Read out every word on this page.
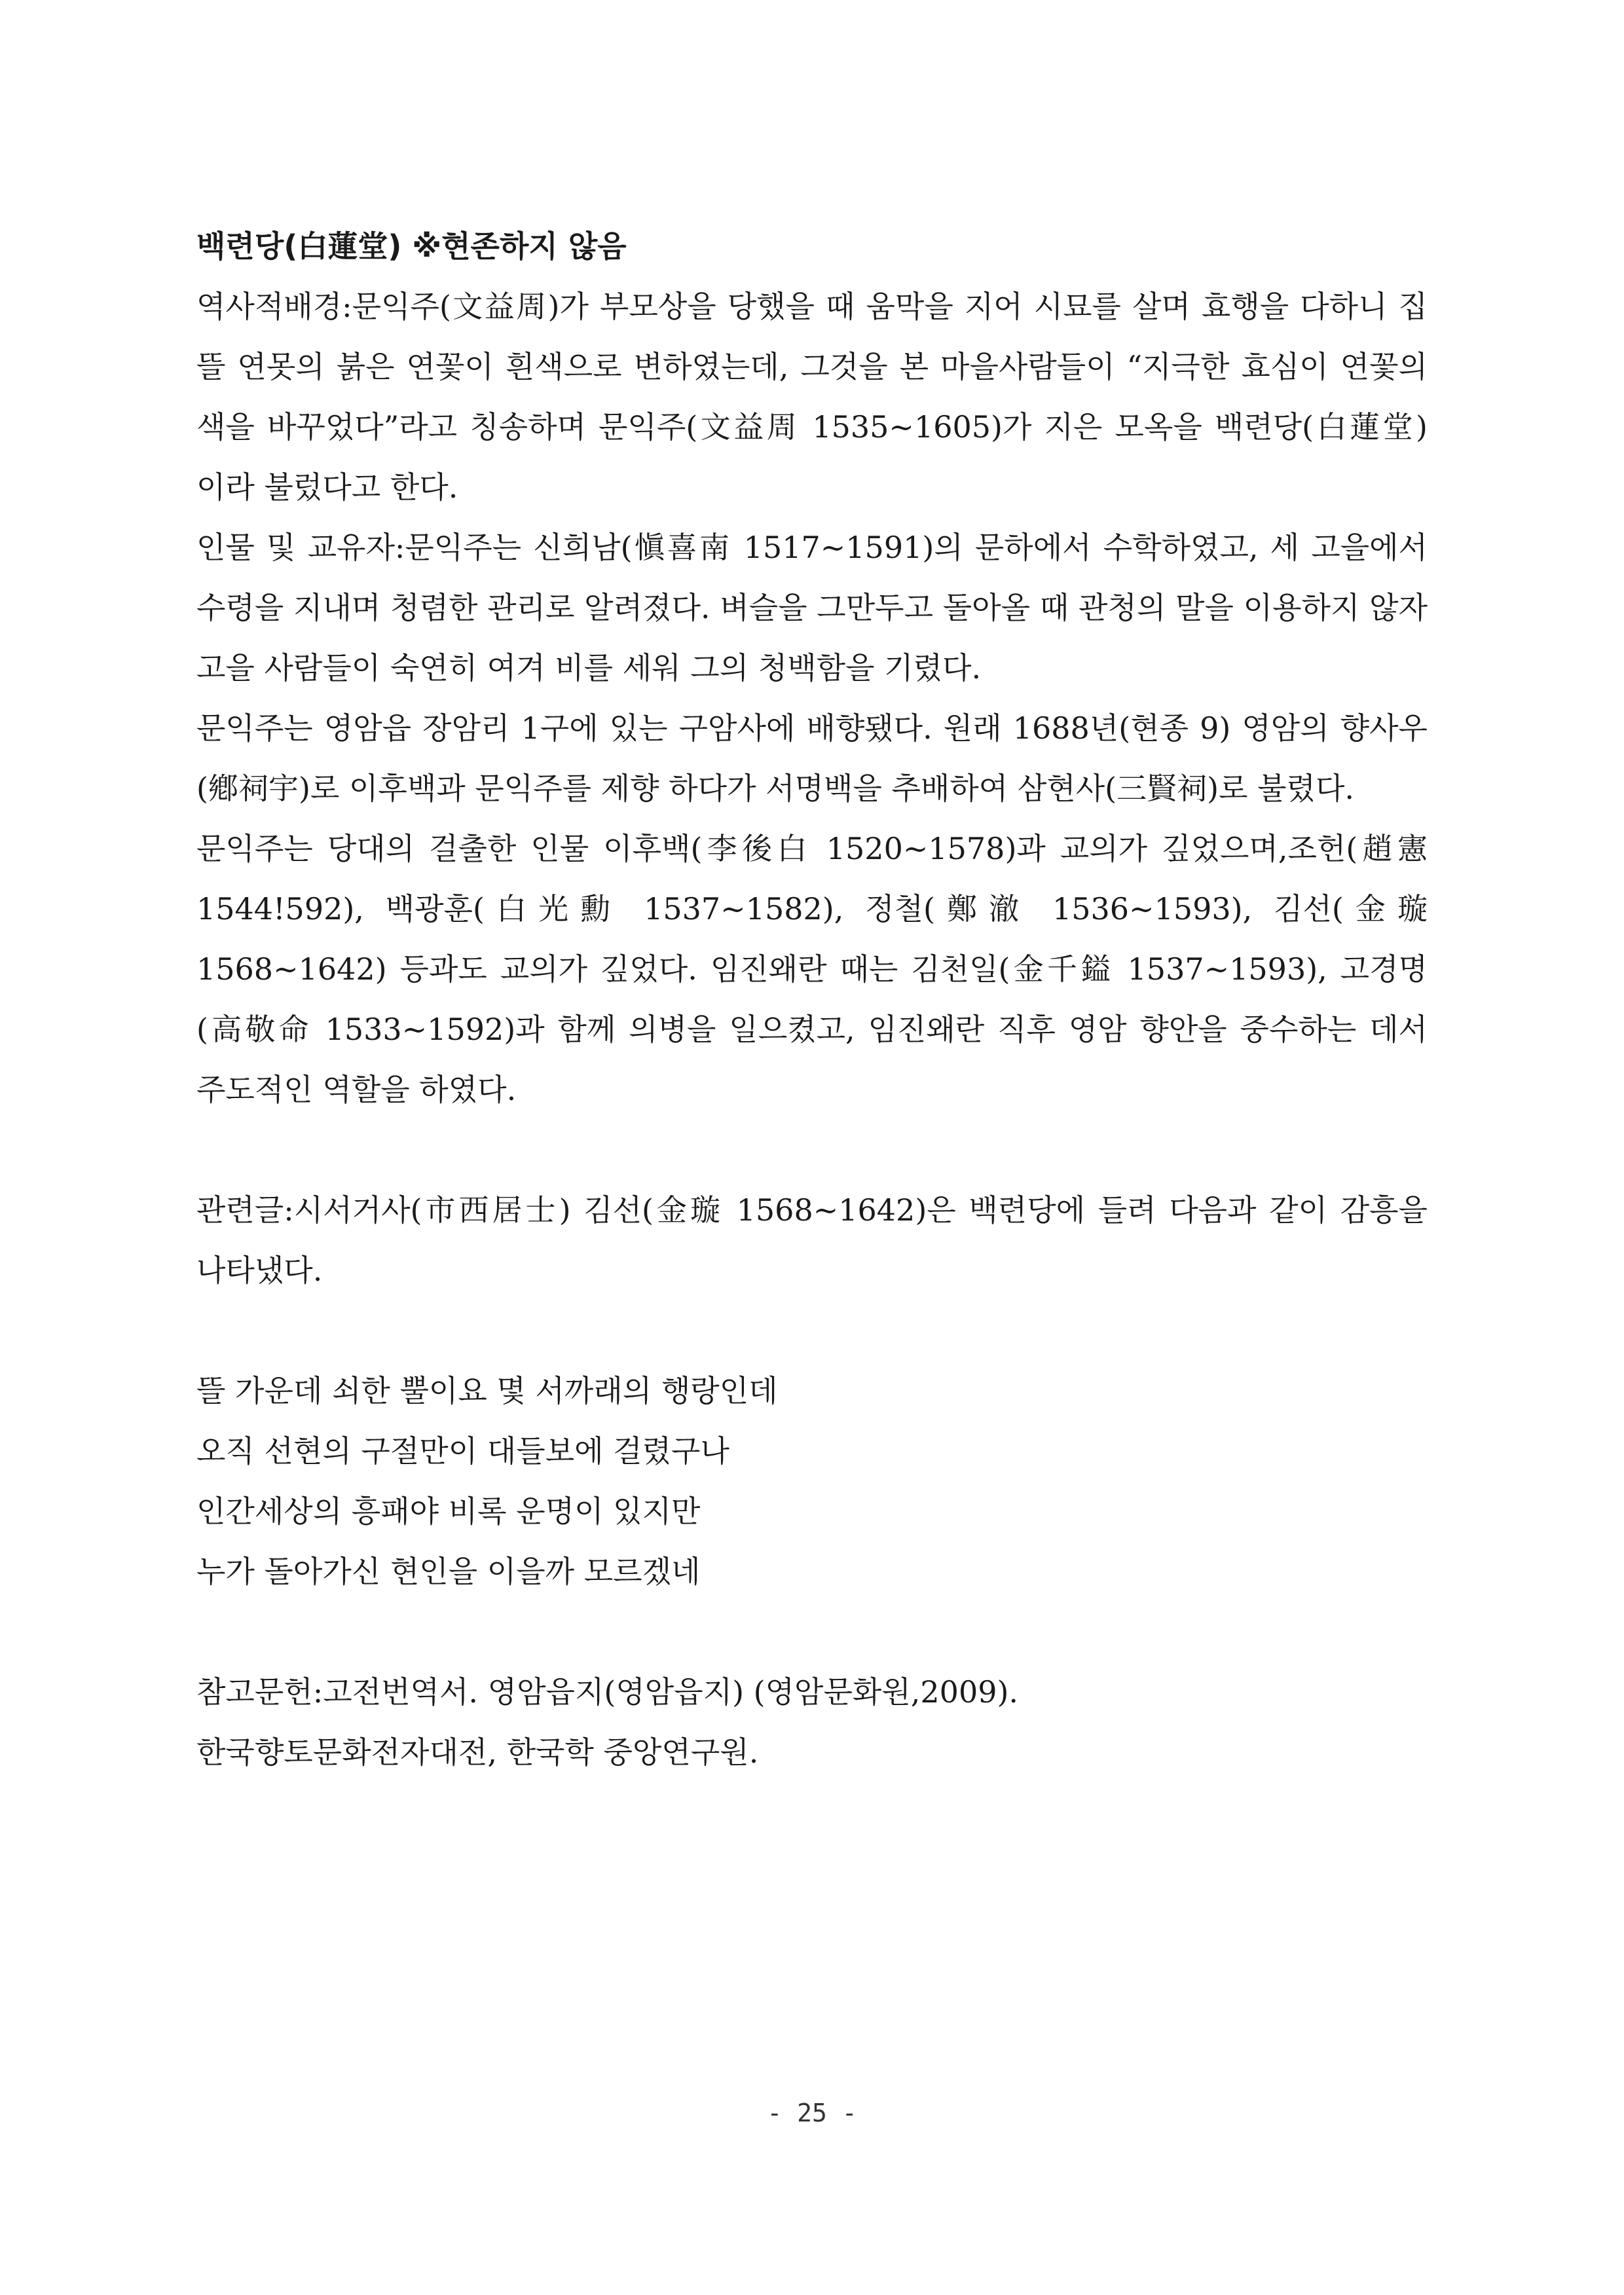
백련당(白蓮堂) ※현존하지 않음

역사적배경:문익주(文益周)가 부모상을 당했을 때 움막을 지어 시묘를 살며 효행을 다하니 집 뜰 연못의 붉은 연꽃이 흰색으로 변하였는데, 그것을 본 마을사람들이 “지극한 효심이 연꽃의 색을 바꾸었다”라고 칭송하며 문익주(文益周 1535~1605)가 지은 모옥을 백련당(白蓮堂)이라 불렀다고 한다.

인물 및 교유자:문익주는 신희남(愼喜南 1517~1591)의 문하에서 수학하였고, 세 고을에서 수령을 지내며 청렴한 관리로 알려졌다. 벼슬을 그만두고 돌아올 때 관청의 말을 이용하지 않자 고을 사람들이 숙연히 여겨 비를 세워 그의 청백함을 기렸다.

문익주는 영암읍 장암리 1구에 있는 구암사에 배향됐다. 원래 1688년(현종 9) 영암의 향사우(鄕祠宇)로 이후백과 문익주를 제향 하다가 서명백을 추배하여 삼현사(三賢祠)로 불렸다.

문익주는 당대의 걸출한 인물 이후백(李後白 1520~1578)과 교의가 깊었으며,조헌(趙憲 1544!592), 백광훈(白光勳 1537~1582), 정철(鄭澈 1536~1593), 김선(金璇 1568~1642) 등과도 교의가 깊었다. 임진왜란 때는 김천일(金千鎰 1537~1593), 고경명(高敬命 1533~1592)과 함께 의병을 일으켰고, 임진왜란 직후 영암 향안을 중수하는 데서 주도적인 역할을 하였다.

관련글:시서거사(市西居士) 김선(金璇 1568~1642)은 백련당에 들려 다음과 같이 감흥을 나타냈다.

뜰 가운데 쇠한 뿔이요 몇 서까래의 행랑인데

오직 선현의 구절만이 대들보에 걸렸구나

인간세상의 흥패야 비록 운명이 있지만

누가 돌아가신 현인을 이을까 모르겠네

참고문헌:고전번역서. 영암읍지(영암읍지) (영암문화원,2009).

한국향토문화전자대전, 한국학 중앙연구원.

- 25 -
